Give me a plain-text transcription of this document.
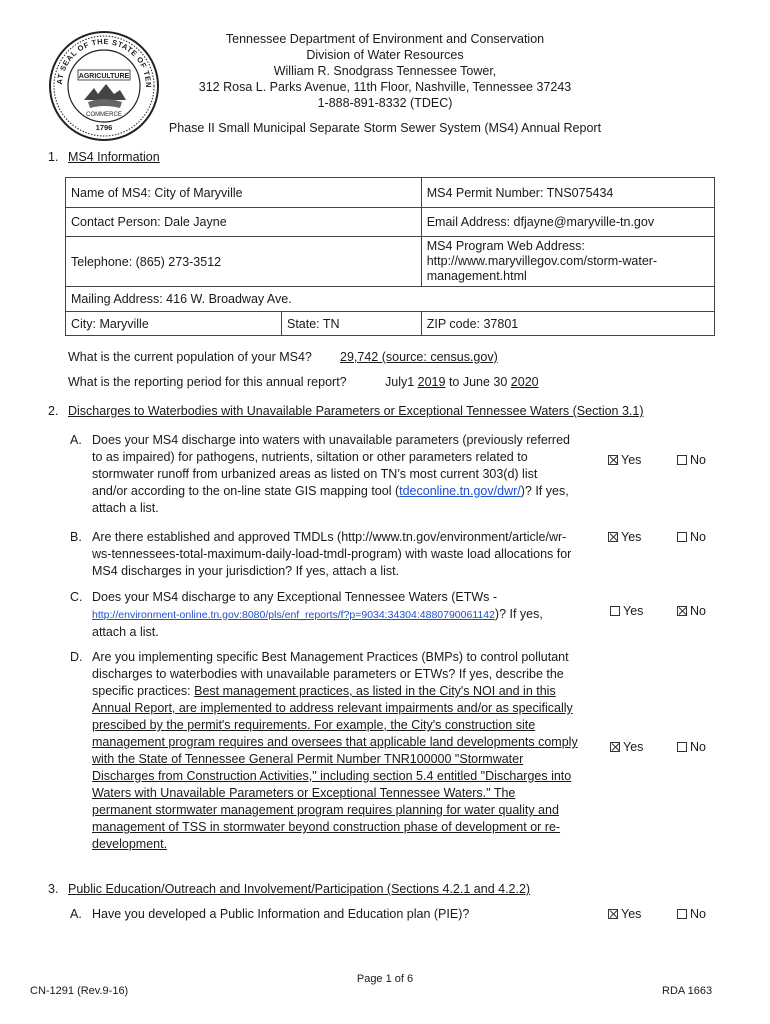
AT SEAL OF THE STATE OF TEN
AGRICULTURE
COMMERCE
1796
Tennessee Department of Environment and Conservation
Division of Water Resources
William R. Snodgrass Tennessee Tower,
312 Rosa L. Parks Avenue, 11th Floor, Nashville, Tennessee 37243
1-888-891-8332 (TDEC)
Phase II Small Municipal Separate Storm Sewer System (MS4) Annual Report
1. MS4 Information
Name of MS4: City of Maryville		MS4 Permit Number: TNS075434
Contact Person: Dale Jayne		Email Address: dfjayne@maryville-tn.gov
Telephone: (865) 273-3512		MS4 Program Web Address:
http://www.maryvillegov.com/storm-water-
management.html

Mailing Address: 416 W. Broadway Ave.		
City: Maryville	State: TN	ZIP code: 37801
What is the current population of your MS4? 29,742 (source: census.gov)
What is the reporting period for this annual report?	July1 2019 to June 30 2020
2. Discharges to Waterbodies with Unavailable Parameters or Exceptional Tennessee Waters (Section 3.1)
A. Does your MS4 discharge into waters with unavailable parameters (previously referred
to as impaired) for pathogens, nutrients, siltation or other parameters related to
stormwater runoff from urbanized areas as listed on TN’s most current 303(d) list
and/or according to the on-line state GIS mapping tool (tdeconline.tn.gov/dwr/)? If yes,
attach a list.
Yes	No
B. Are there established and approved TMDLs (http://www.tn.gov/environment/article/wr-
ws-tennessees-total-maximum-daily-load-tmdl-program) with waste load allocations for
MS4 discharges in your jurisdiction? If yes, attach a list.
Yes	No
C. Does your MS4 discharge to any Exceptional Tennessee Waters (ETWs -
http://environment-online.tn.gov:8080/pls/enf_reports/f?p=9034:34304:4880790061142)? If yes,
attach a list.
Yes	No
D. Are you implementing specific Best Management Practices (BMPs) to control pollutant
discharges to waterbodies with unavailable parameters or ETWs? If yes, describe the
specific practices: Best management practices, as listed in the City's NOI and in this
Annual Report, are implemented to address relevant impairments and/or as specifically
prescibed by the permit's requirements. For example, the City's construction site
management program requires and oversees that applicable land developments comply
with the State of Tennessee General Permit Number TNR100000 "Stormwater
Discharges from Construction Activities," including section 5.4 entitled "Discharges into
Waters with Unavailable Parameters or Exceptional Tennessee Waters." The
permanent stormwater management program requires planning for water quality and
management of TSS in stormwater beyond construction phase of development or re-
development.
Yes	No
3. Public Education/Outreach and Involvement/Participation (Sections 4.2.1 and 4.2.2)
A. Have you developed a Public Information and Education plan (PIE)?	Yes	No
CN-1291 (Rev.9-16)
Page 1 of 6
RDA 1663
